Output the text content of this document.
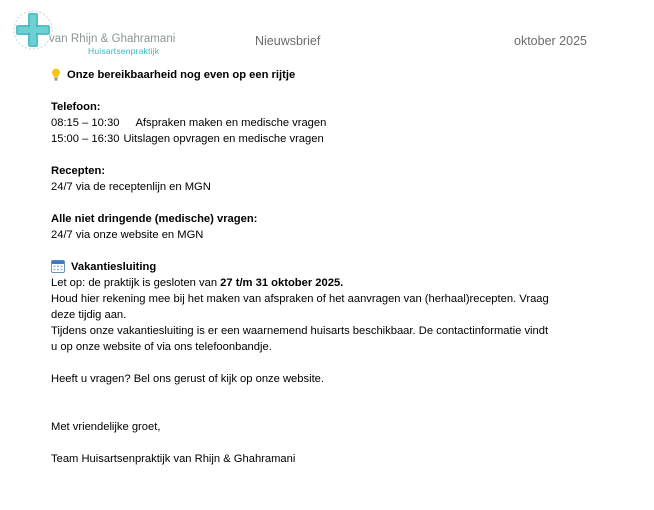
van Rhijn & Ghahramani
Huisartsenpraktijk
Nieuwsbrief	oktober 2025

Onze bereikbaarheid nog even op een rijtje

Telefoon:

08:15 – 10:30 Afspraken maken en medische vragen

15:00 – 16:30 Uitslagen opvragen en medische vragen

Recepten:

24/7 via de receptenlijn en MGN

Alle niet dringende (medische) vragen:

24/7 via onze website en MGN

Vakantiesluiting

Let op: de praktijk is gesloten van 27 t/m 31 oktober 2025.

Houd hier rekening mee bij het maken van afspraken of het aanvragen van (herhaal)recepten. Vraag

deze tijdig aan.

Tijdens onze vakantiesluiting is er een waarnemend huisarts beschikbaar. De contactinformatie vindt

u op onze website of via ons telefoonbandje.

Heeft u vragen? Bel ons gerust of kijk op onze website.

Met vriendelijke groet,

Team Huisartsenpraktijk van Rhijn & Ghahramani
